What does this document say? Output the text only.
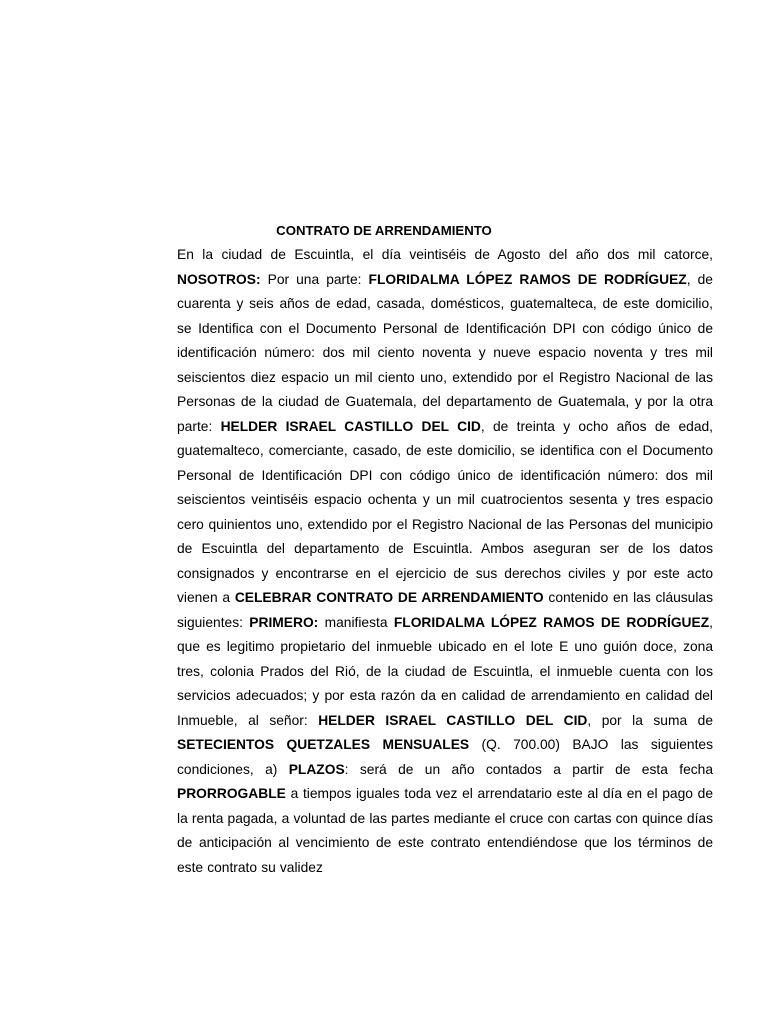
CONTRATO DE ARRENDAMIENTO
En la ciudad de Escuintla, el día veintiséis de Agosto del año dos mil catorce, NOSOTROS: Por una parte: FLORIDALMA LÓPEZ RAMOS DE RODRÍGUEZ, de cuarenta y seis años de edad, casada, domésticos, guatemalteca, de este domicilio, se Identifica con el Documento Personal de Identificación DPI con código único de identificación número: dos mil ciento noventa y nueve espacio noventa y tres mil seiscientos diez espacio un mil ciento uno, extendido por el Registro Nacional de las Personas de la ciudad de Guatemala, del departamento de Guatemala, y por la otra parte: HELDER ISRAEL CASTILLO DEL CID, de treinta y ocho años de edad, guatemalteco, comerciante, casado, de este domicilio, se identifica con el Documento Personal de Identificación DPI con código único de identificación número: dos mil seiscientos veintiséis espacio ochenta y un mil cuatrocientos sesenta y tres espacio cero quinientos uno, extendido por el Registro Nacional de las Personas del municipio de Escuintla del departamento de Escuintla. Ambos aseguran ser de los datos consignados y encontrarse en el ejercicio de sus derechos civiles y por este acto vienen a CELEBRAR CONTRATO DE ARRENDAMIENTO contenido en las cláusulas siguientes: PRIMERO: manifiesta FLORIDALMA LÓPEZ RAMOS DE RODRÍGUEZ, que es legitimo propietario del inmueble ubicado en el lote E uno guión doce, zona tres, colonia Prados del Rió, de la ciudad de Escuintla, el inmueble cuenta con los servicios adecuados; y por esta razón da en calidad de arrendamiento en calidad del Inmueble, al señor: HELDER ISRAEL CASTILLO DEL CID, por la suma de SETECIENTOS QUETZALES MENSUALES (Q. 700.00) BAJO las siguientes condiciones, a) PLAZOS: será de un año contados a partir de esta fecha PRORROGABLE a tiempos iguales toda vez el arrendatario este al día en el pago de la renta pagada, a voluntad de las partes mediante el cruce con cartas con quince días de anticipación al vencimiento de este contrato entendiéndose que los términos de este contrato su validez
